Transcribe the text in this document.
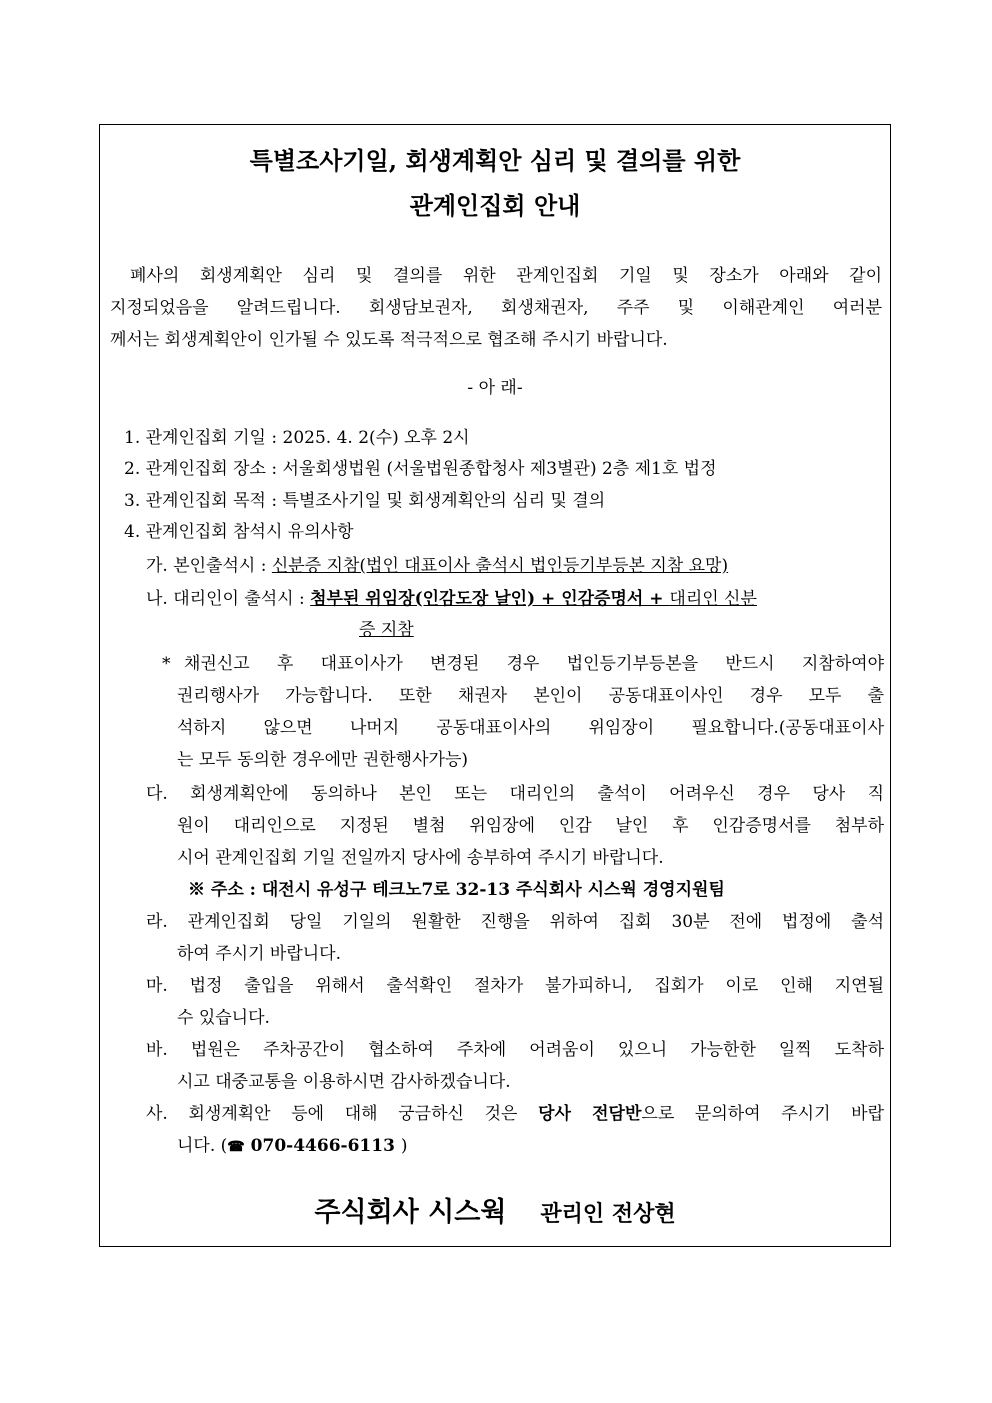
특별조사기일, 회생계획안 심리 및 결의를 위한
관계인집회 안내
폐사의 회생계획안 심리 및 결의를 위한 관계인집회 기일 및 장소가 아래와 같이
지정되었음을 알려드립니다. 회생담보권자, 회생채권자, 주주 및 이해관계인 여러분
께서는 회생계획안이 인가될 수 있도록 적극적으로 협조해 주시기 바랍니다.
- 아 래-
1. 관계인집회 기일 : 2025. 4. 2(수) 오후 2시
2. 관계인집회 장소 : 서울회생법원 (서울법원종합청사 제3별관) 2층 제1호 법정
3. 관계인집회 목적 : 특별조사기일 및 회생계획안의 심리 및 결의
4. 관계인집회 참석시 유의사항
가. 본인출석시 : 신분증 지참(법인 대표이사 출석시 법인등기부등본 지참 요망)
나. 대리인이 출석시 : 첨부된 위임장(인감도장 날인) + 인감증명서 + 대리인 신분
증 지참
* 채권신고 후 대표이사가 변경된 경우 법인등기부등본을 반드시 지참하여야
권리행사가 가능합니다. 또한 채권자 본인이 공동대표이사인 경우 모두 출
석하지 않으면 나머지 공동대표이사의 위임장이 필요합니다.(공동대표이사
는 모두 동의한 경우에만 권한행사가능)
다. 회생계획안에 동의하나 본인 또는 대리인의 출석이 어려우신 경우 당사 직
원이 대리인으로 지정된 별첨 위임장에 인감 날인 후 인감증명서를 첨부하
시어 관계인집회 기일 전일까지 당사에 송부하여 주시기 바랍니다.
※ 주소 : 대전시 유성구 테크노7로 32-13 주식회사 시스웍 경영지원팀
라. 관계인집회 당일 기일의 원활한 진행을 위하여 집회 30분 전에 법정에 출석
하여 주시기 바랍니다.
마. 법정 출입을 위해서 출석확인 절차가 불가피하니, 집회가 이로 인해 지연될
수 있습니다.
바. 법원은 주차공간이 협소하여 주차에 어려움이 있으니 가능한한 일찍 도착하
시고 대중교통을 이용하시면 감사하겠습니다.
사. 회생계획안 등에 대해 궁금하신 것은 당사 전담반으로 문의하여 주시기 바랍
니다. (☎ 070-4466-6113 )
주식회사 시스웍 관리인 전상현
